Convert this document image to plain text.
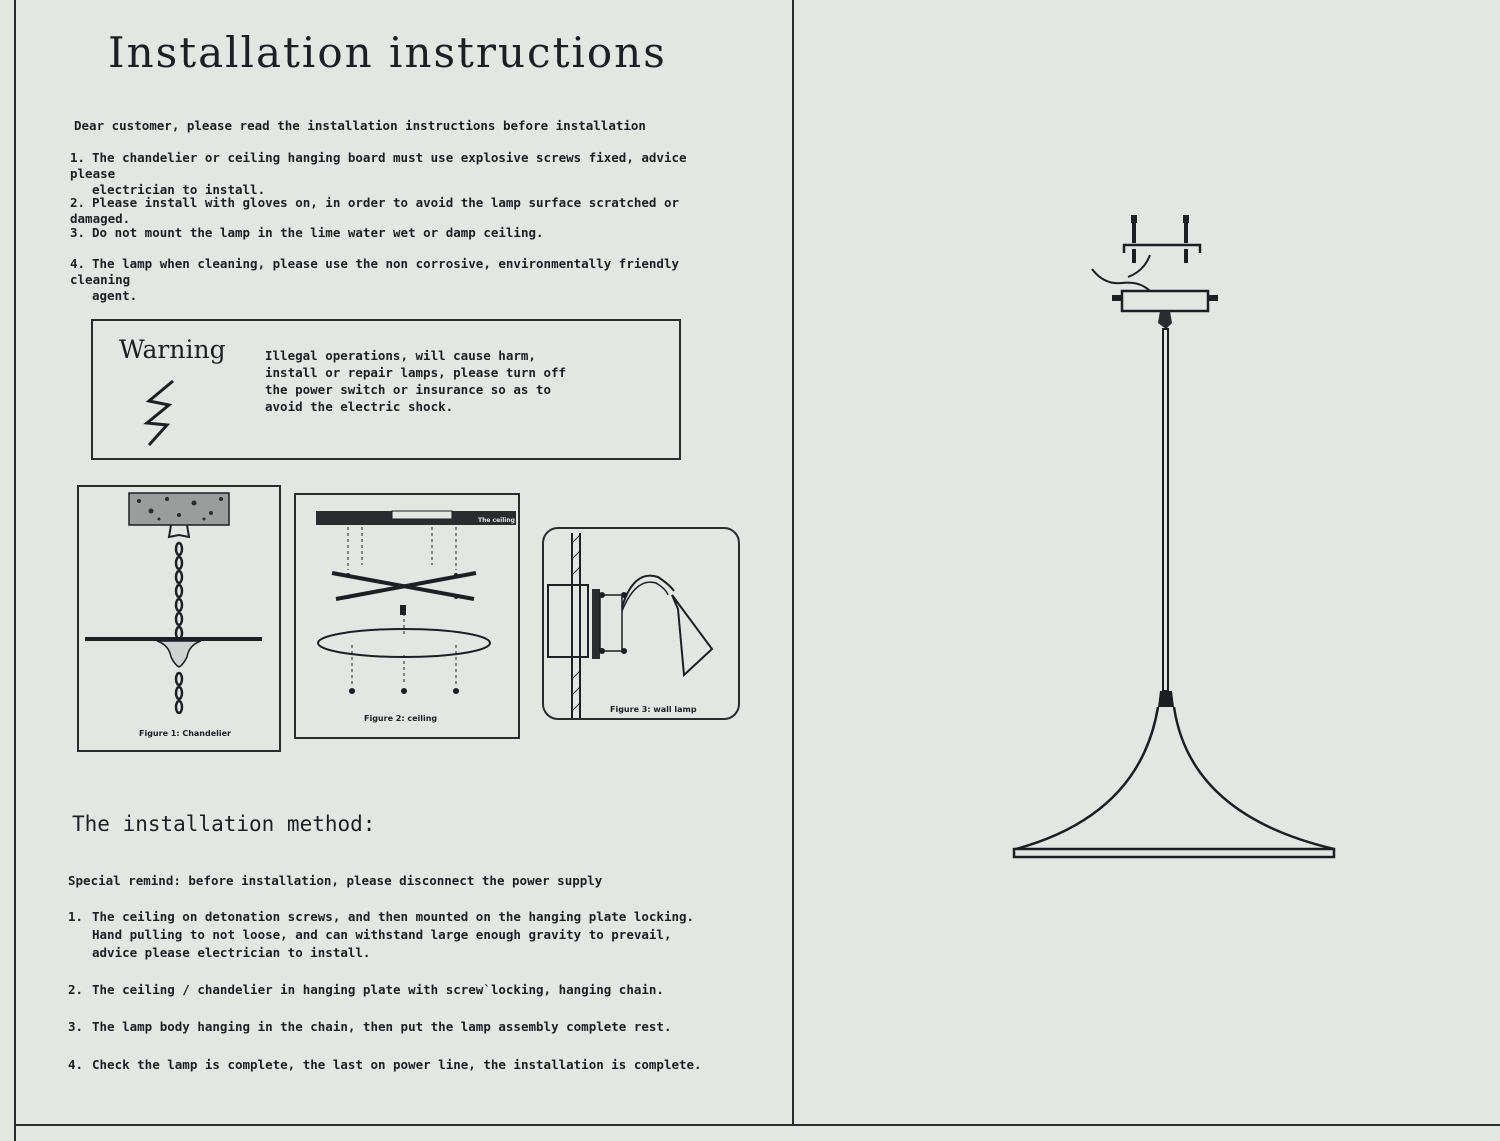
Installation instructions
Dear customer, please read the installation instructions before installation
1. The chandelier or ceiling hanging board must use explosive screws fixed, advice please
electrician to install.
2. Please install with gloves on, in order to avoid the lamp surface scratched or damaged.
3. Do not mount the lamp in the lime water wet or damp ceiling.
4. The lamp when cleaning, please use the non corrosive, environmentally friendly cleaning
agent.
Warning	Illegal operations, will cause harm,
install or repair lamps, please turn off
the power switch or insurance so as to
avoid the electric shock.
Figure 1: Chandelier
The ceiling
Figure 2: ceiling
Figure 3: wall lamp
The installation method:
Special remind: before installation, please disconnect the power supply
1. The ceiling on detonation screws, and then mounted on the hanging plate locking.
Hand pulling to not loose, and can withstand large enough gravity to prevail,
advice please electrician to install.
2. The ceiling / chandelier in hanging plate with screw`locking, hanging chain.
3. The lamp body hanging in the chain, then put the lamp assembly complete rest.
4. Check the lamp is complete, the last on power line, the installation is complete.
